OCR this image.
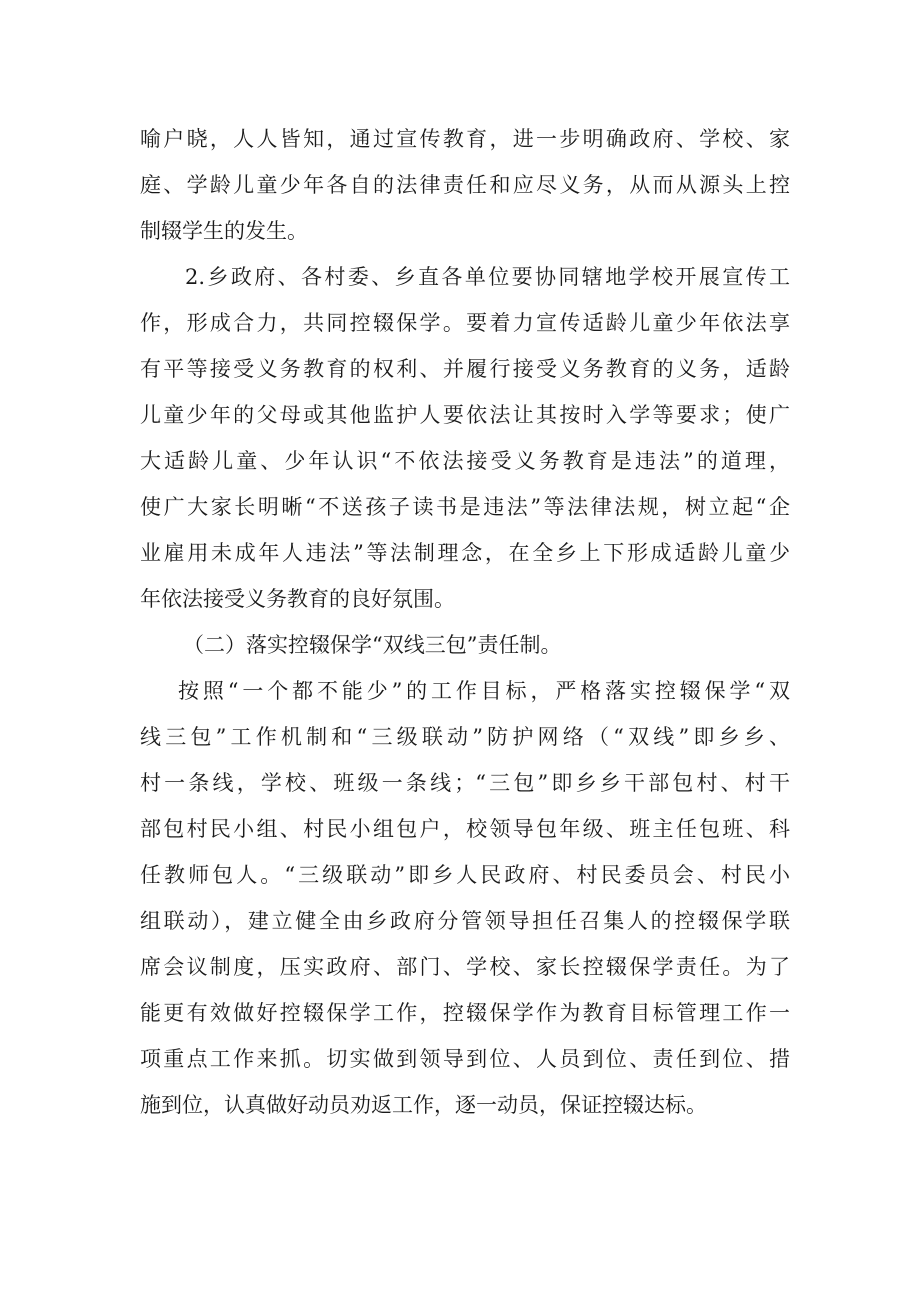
喻户晓，人人皆知，通过宣传教育，进一步明确政府、学校、家
庭、学龄儿童少年各自的法律责任和应尽义务，从而从源头上控
制辍学生的发生。
2.乡政府、各村委、乡直各单位要协同辖地学校开展宣传工
作，形成合力，共同控辍保学。要着力宣传适龄儿童少年依法享
有平等接受义务教育的权利、并履行接受义务教育的义务，适龄
儿童少年的父母或其他监护人要依法让其按时入学等要求；使广
大适龄儿童、少年认识“不依法接受义务教育是违法”的道理，
使广大家长明晰“不送孩子读书是违法”等法律法规，树立起“企
业雇用未成年人违法”等法制理念，在全乡上下形成适龄儿童少
年依法接受义务教育的良好氛围。
（二）落实控辍保学“双线三包”责任制。
按照“一个都不能少”的工作目标，严格落实控辍保学“双
线三包”工作机制和“三级联动”防护网络（“双线”即乡乡、
村一条线，学校、班级一条线；“三包”即乡乡干部包村、村干
部包村民小组、村民小组包户，校领导包年级、班主任包班、科
任教师包人。“三级联动”即乡人民政府、村民委员会、村民小
组联动），建立健全由乡政府分管领导担任召集人的控辍保学联
席会议制度，压实政府、部门、学校、家长控辍保学责任。为了
能更有效做好控辍保学工作，控辍保学作为教育目标管理工作一
项重点工作来抓。切实做到领导到位、人员到位、责任到位、措
施到位，认真做好动员劝返工作，逐一动员，保证控辍达标。
